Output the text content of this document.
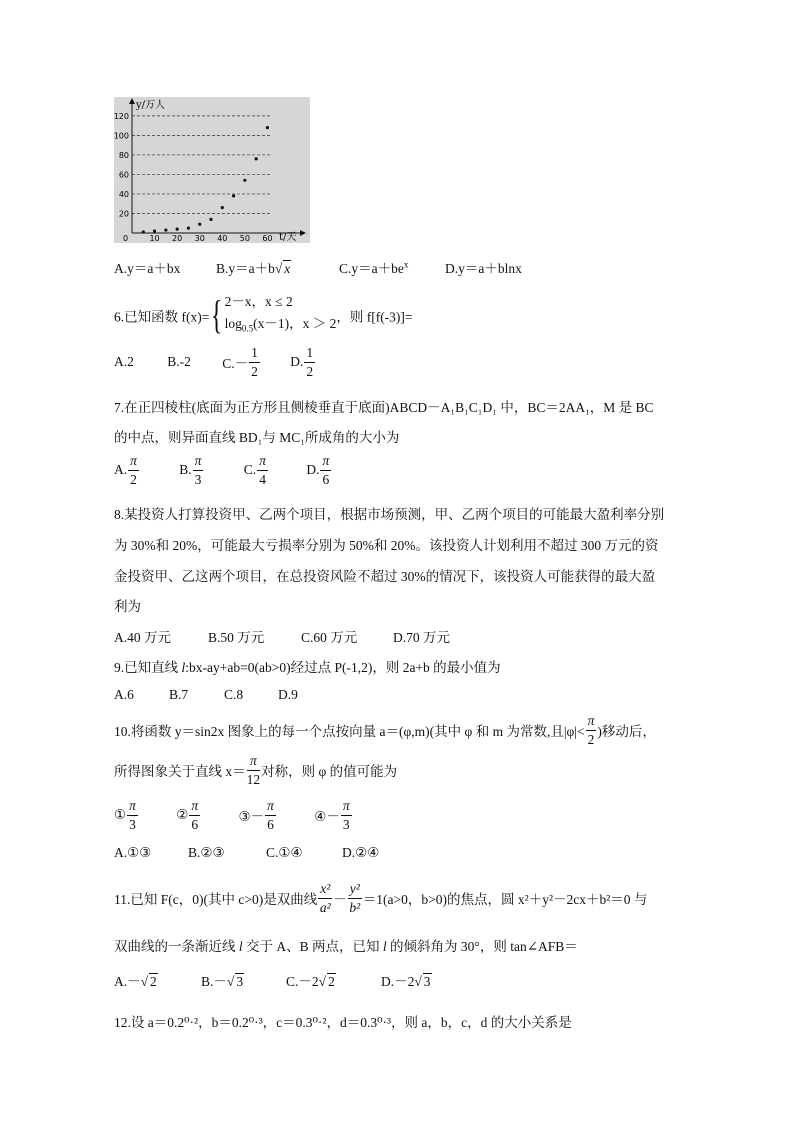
y/万人
t/天
0
20
40
60
80
100
120
10 20 30 40 50 60
A.y＝a＋bx	B.y＝a＋b√ x	$C.y=a+be^x$	D.y＝a＋blnx
6.已知函数 f(x)={ 2－x，x ≤ 2
$\log_{0.5}(x-1)$，x ＞ 2 ，则 f[f(-3)]=
A.2 B.-2 $C.- \frac{1}{2} D$. $\frac{1}{2}$
7.在正四棱柱(底面为正方形且侧棱垂直于底面)ABCD－A₁B₁C₁D₁ 中，BC＝2AA₁，M 是 BC
的中点，则异面直线 BD₁与 MC₁所成角的大小为
A. $\frac{\pi}{2}$	B. $\frac{\pi}{3}$	C. $\frac{\pi}{4}$	D. $\frac{\pi}{6}$
8.某投资人打算投资甲、乙两个项目，根据市场预测，甲、乙两个项目的可能最大盈利率分别
为 30%和 20%，可能最大亏损率分别为 50%和 20%。该投资人计划利用不超过 300 万元的资
金投资甲、乙这两个项目，在总投资风险不超过 30%的情况下，该投资人可能获得的最大盈
利为
A.40 万元	B.50 万元	C.60 万元	D.70 万元
9.已知直线 l:bx-ay+ab=0(ab>0)经过点 P(-1,2)，则 2a+b 的最小值为
A.6	B.7	C.8	D.9
10.将函数 y＝sin2x 图象上的每一个点按向量 a＝(φ,m)(其中 φ 和 m 为常数,且$|\varphi|< \frac{\pi}{2}$ )移动后，
所得图象关于直线 $x= \frac{\pi}{12}$ 对称，则 φ 的值可能为
① $\frac{\pi}{3}$	② $\frac{\pi}{6}$	③－ $\frac{\pi}{6}$	④－ $\frac{\pi}{3}$
A.①③	B.②③	C.①④	D.②④
11.已知 F(c，0)(其中 c>0)是双曲线 $\frac{\text{x²}}{\text{a²}} - \frac{\text{y²}}{\text{b²}} =1(a>0$，b>0)的焦点，圆 x²＋y²－2cx＋b²＝0 与
双曲线的一条渐近线 l 交于 A、B 两点，已知 l 的倾斜角为 30°，则 tan∠AFB＝
A.－√ 2	B.－√ 3	C.－2√ 2	D.－2√ 3
12.设 a＝0.2⁰·²，b＝0.2⁰·³，c＝0.3⁰·²，d＝0.3⁰·³，则 a，b，c，d 的大小关系是
